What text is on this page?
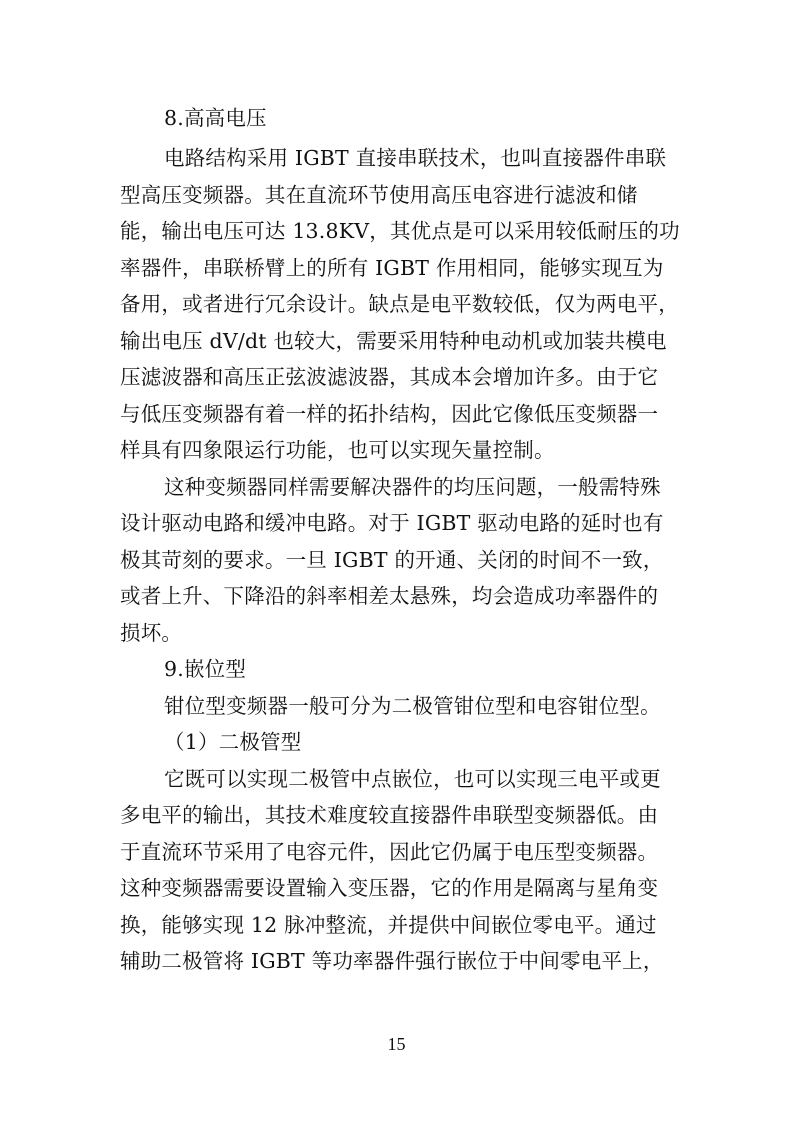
8.高高电压

电路结构采用 IGBT 直接串联技术，也叫直接器件串联

型高压变频器。其在直流环节使用高压电容进行滤波和储

能，输出电压可达 13.8KV，其优点是可以采用较低耐压的功

率器件，串联桥臂上的所有 IGBT 作用相同，能够实现互为

备用，或者进行冗余设计。缺点是电平数较低，仅为两电平，

输出电压 dV/dt 也较大，需要采用特种电动机或加装共模电

压滤波器和高压正弦波滤波器，其成本会增加许多。由于它

与低压变频器有着一样的拓扑结构，因此它像低压变频器一

样具有四象限运行功能，也可以实现矢量控制。

这种变频器同样需要解决器件的均压问题，一般需特殊

设计驱动电路和缓冲电路。对于 IGBT 驱动电路的延时也有

极其苛刻的要求。一旦 IGBT 的开通、关闭的时间不一致，

或者上升、下降沿的斜率相差太悬殊，均会造成功率器件的

损坏。

9.嵌位型

钳位型变频器一般可分为二极管钳位型和电容钳位型。

（1）二极管型

它既可以实现二极管中点嵌位，也可以实现三电平或更

多电平的输出，其技术难度较直接器件串联型变频器低。由

于直流环节采用了电容元件，因此它仍属于电压型变频器。

这种变频器需要设置输入变压器，它的作用是隔离与星角变

换，能够实现 12 脉冲整流，并提供中间嵌位零电平。通过

辅助二极管将 IGBT 等功率器件强行嵌位于中间零电平上，

15
